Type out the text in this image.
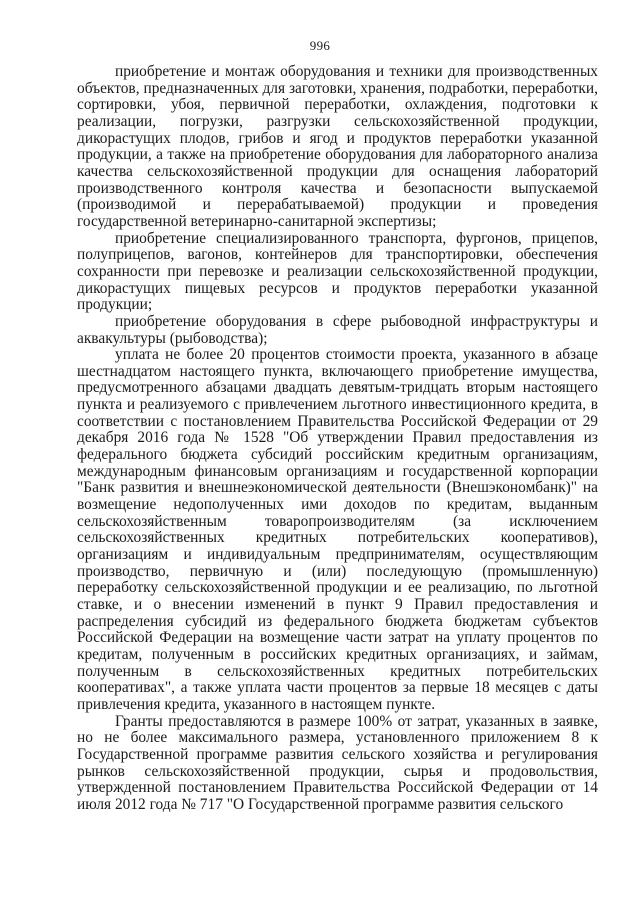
996

приобретение и монтаж оборудования и техники для производственных объектов, предназначенных для заготовки, хранения, подработки, переработки, сортировки, убоя, первичной переработки, охлаждения, подготовки к реализации, погрузки, разгрузки сельскохозяйственной продукции, дикорастущих плодов, грибов и ягод и продуктов переработки указанной продукции, а также на приобретение оборудования для лабораторного анализа качества сельскохозяйственной продукции для оснащения лабораторий производственного контроля качества и безопасности выпускаемой (производимой и перерабатываемой) продукции и проведения государственной ветеринарно-санитарной экспертизы;

приобретение специализированного транспорта, фургонов, прицепов, полуприцепов, вагонов, контейнеров для транспортировки, обеспечения сохранности при перевозке и реализации сельскохозяйственной продукции, дикорастущих пищевых ресурсов и продуктов переработки указанной продукции;

приобретение оборудования в сфере рыбоводной инфраструктуры и аквакультуры (рыбоводства);

уплата не более 20 процентов стоимости проекта, указанного в абзаце шестнадцатом настоящего пункта, включающего приобретение имущества, предусмотренного абзацами двадцать девятым-тридцать вторым настоящего пункта и реализуемого с привлечением льготного инвестиционного кредита, в соответствии с постановлением Правительства Российской Федерации от 29 декабря 2016 года № 1528 "Об утверждении Правил предоставления из федерального бюджета субсидий российским кредитным организациям, международным финансовым организациям и государственной корпорации "Банк развития и внешнеэкономической деятельности (Внешэкономбанк)" на возмещение недополученных ими доходов по кредитам, выданным сельскохозяйственным товаропроизводителям (за исключением сельскохозяйственных кредитных потребительских кооперативов), организациям и индивидуальным предпринимателям, осуществляющим производство, первичную и (или) последующую (промышленную) переработку сельскохозяйственной продукции и ее реализацию, по льготной ставке, и о внесении изменений в пункт 9 Правил предоставления и распределения субсидий из федерального бюджета бюджетам субъектов Российской Федерации на возмещение части затрат на уплату процентов по кредитам, полученным в российских кредитных организациях, и займам, полученным в сельскохозяйственных кредитных потребительских кооперативах", а также уплата части процентов за первые 18 месяцев с даты привлечения кредита, указанного в настоящем пункте.

Гранты предоставляются в размере 100% от затрат, указанных в заявке, но не более максимального размера, установленного приложением 8 к Государственной программе развития сельского хозяйства и регулирования рынков сельскохозяйственной продукции, сырья и продовольствия, утвержденной постановлением Правительства Российской Федерации от 14 июля 2012 года № 717 "О Государственной программе развития сельского
